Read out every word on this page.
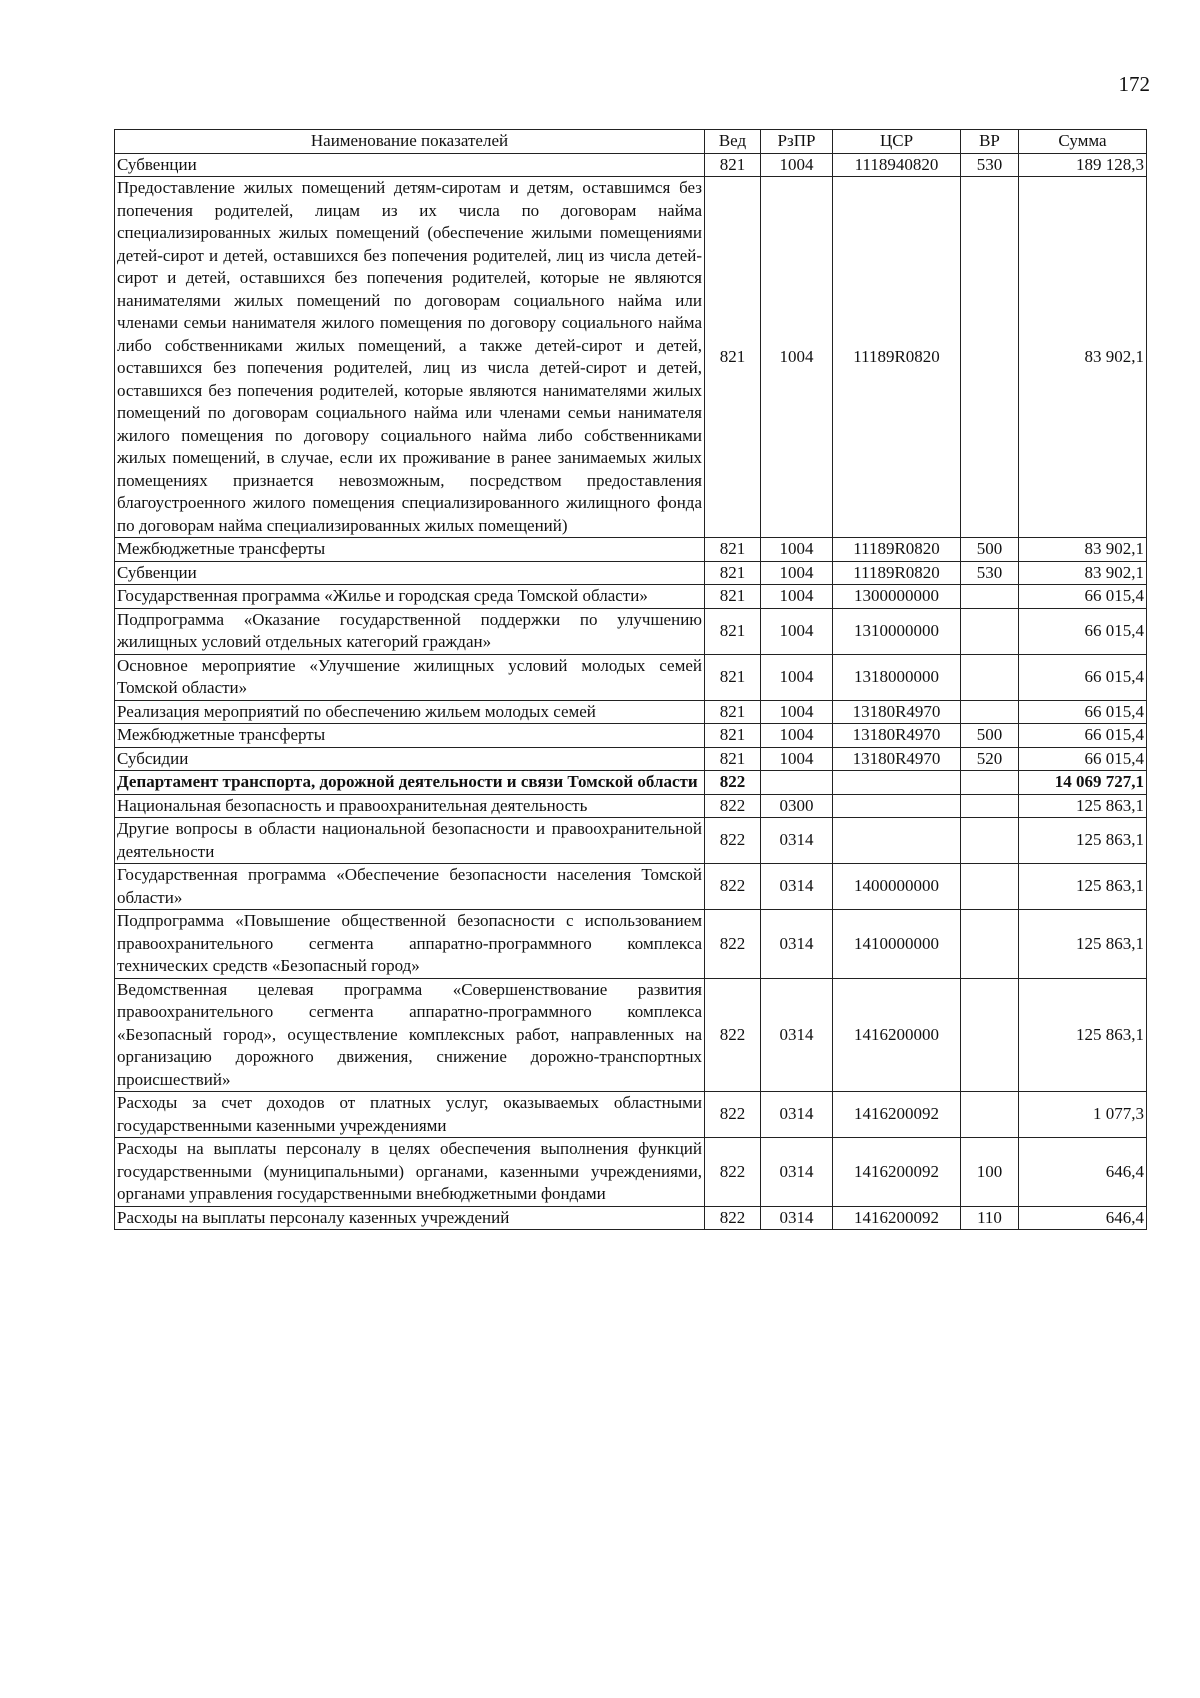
172
Наименование показателей	Вед	РзПР	ЦСР	ВР	Сумма
Субвенции	821	1004	1118940820	530	189 128,3
Предоставление жилых помещений детям-сиротам и детям, оставшимся без попечения родителей, лицам из их числа по договорам найма специализированных жилых помещений (обеспечение жилыми помещениями детей-сирот и детей, оставшихся без попечения родителей, лиц из числа детей-сирот и детей, оставшихся без попечения родителей, которые не являются нанимателями жилых помещений по договорам социального найма или членами семьи нанимателя жилого помещения по договору социального найма либо собственниками жилых помещений, а также детей-сирот и детей, оставшихся без попечения родителей, лиц из числа детей-сирот и детей, оставшихся без попечения родителей, которые являются нанимателями жилых помещений по договорам социального найма или членами семьи нанимателя жилого помещения по договору социального найма либо собственниками жилых помещений, в случае, если их проживание в ранее занимаемых жилых помещениях признается невозможным, посредством предоставления благоустроенного жилого помещения специализированного жилищного фонда по договорам найма специализированных жилых помещений)	821	1004	11189R0820		83 902,1
Межбюджетные трансферты	821	1004	11189R0820	500	83 902,1
Субвенции	821	1004	11189R0820	530	83 902,1
Государственная программа «Жилье и городская среда Томской области»	821	1004	1300000000		66 015,4
Подпрограмма «Оказание государственной поддержки по улучшению жилищных условий отдельных категорий граждан»	821	1004	1310000000		66 015,4
Основное мероприятие «Улучшение жилищных условий молодых семей Томской области»	821	1004	1318000000		66 015,4
Реализация мероприятий по обеспечению жильем молодых семей	821	1004	13180R4970		66 015,4
Межбюджетные трансферты	821	1004	13180R4970	500	66 015,4
Субсидии	821	1004	13180R4970	520	66 015,4
Департамент транспорта, дорожной деятельности и связи Томской области	822				14 069 727,1
Национальная безопасность и правоохранительная деятельность	822	0300			125 863,1
Другие вопросы в области национальной безопасности и правоохранительной деятельности	822	0314			125 863,1
Государственная программа «Обеспечение безопасности населения Томской области»	822	0314	1400000000		125 863,1
Подпрограмма «Повышение общественной безопасности с использованием правоохранительного сегмента аппаратно-программного комплекса технических средств «Безопасный город»	822	0314	1410000000		125 863,1
Ведомственная целевая программа «Совершенствование развития правоохранительного сегмента аппаратно-программного комплекса «Безопасный город», осуществление комплексных работ, направленных на организацию дорожного движения, снижение дорожно-транспортных происшествий»	822	0314	1416200000		125 863,1
Расходы за счет доходов от платных услуг, оказываемых областными государственными казенными учреждениями	822	0314	1416200092		1 077,3
Расходы на выплаты персоналу в целях обеспечения выполнения функций государственными (муниципальными) органами, казенными учреждениями, органами управления государственными внебюджетными фондами	822	0314	1416200092	100	646,4
Расходы на выплаты персоналу казенных учреждений	822	0314	1416200092	110	646,4
